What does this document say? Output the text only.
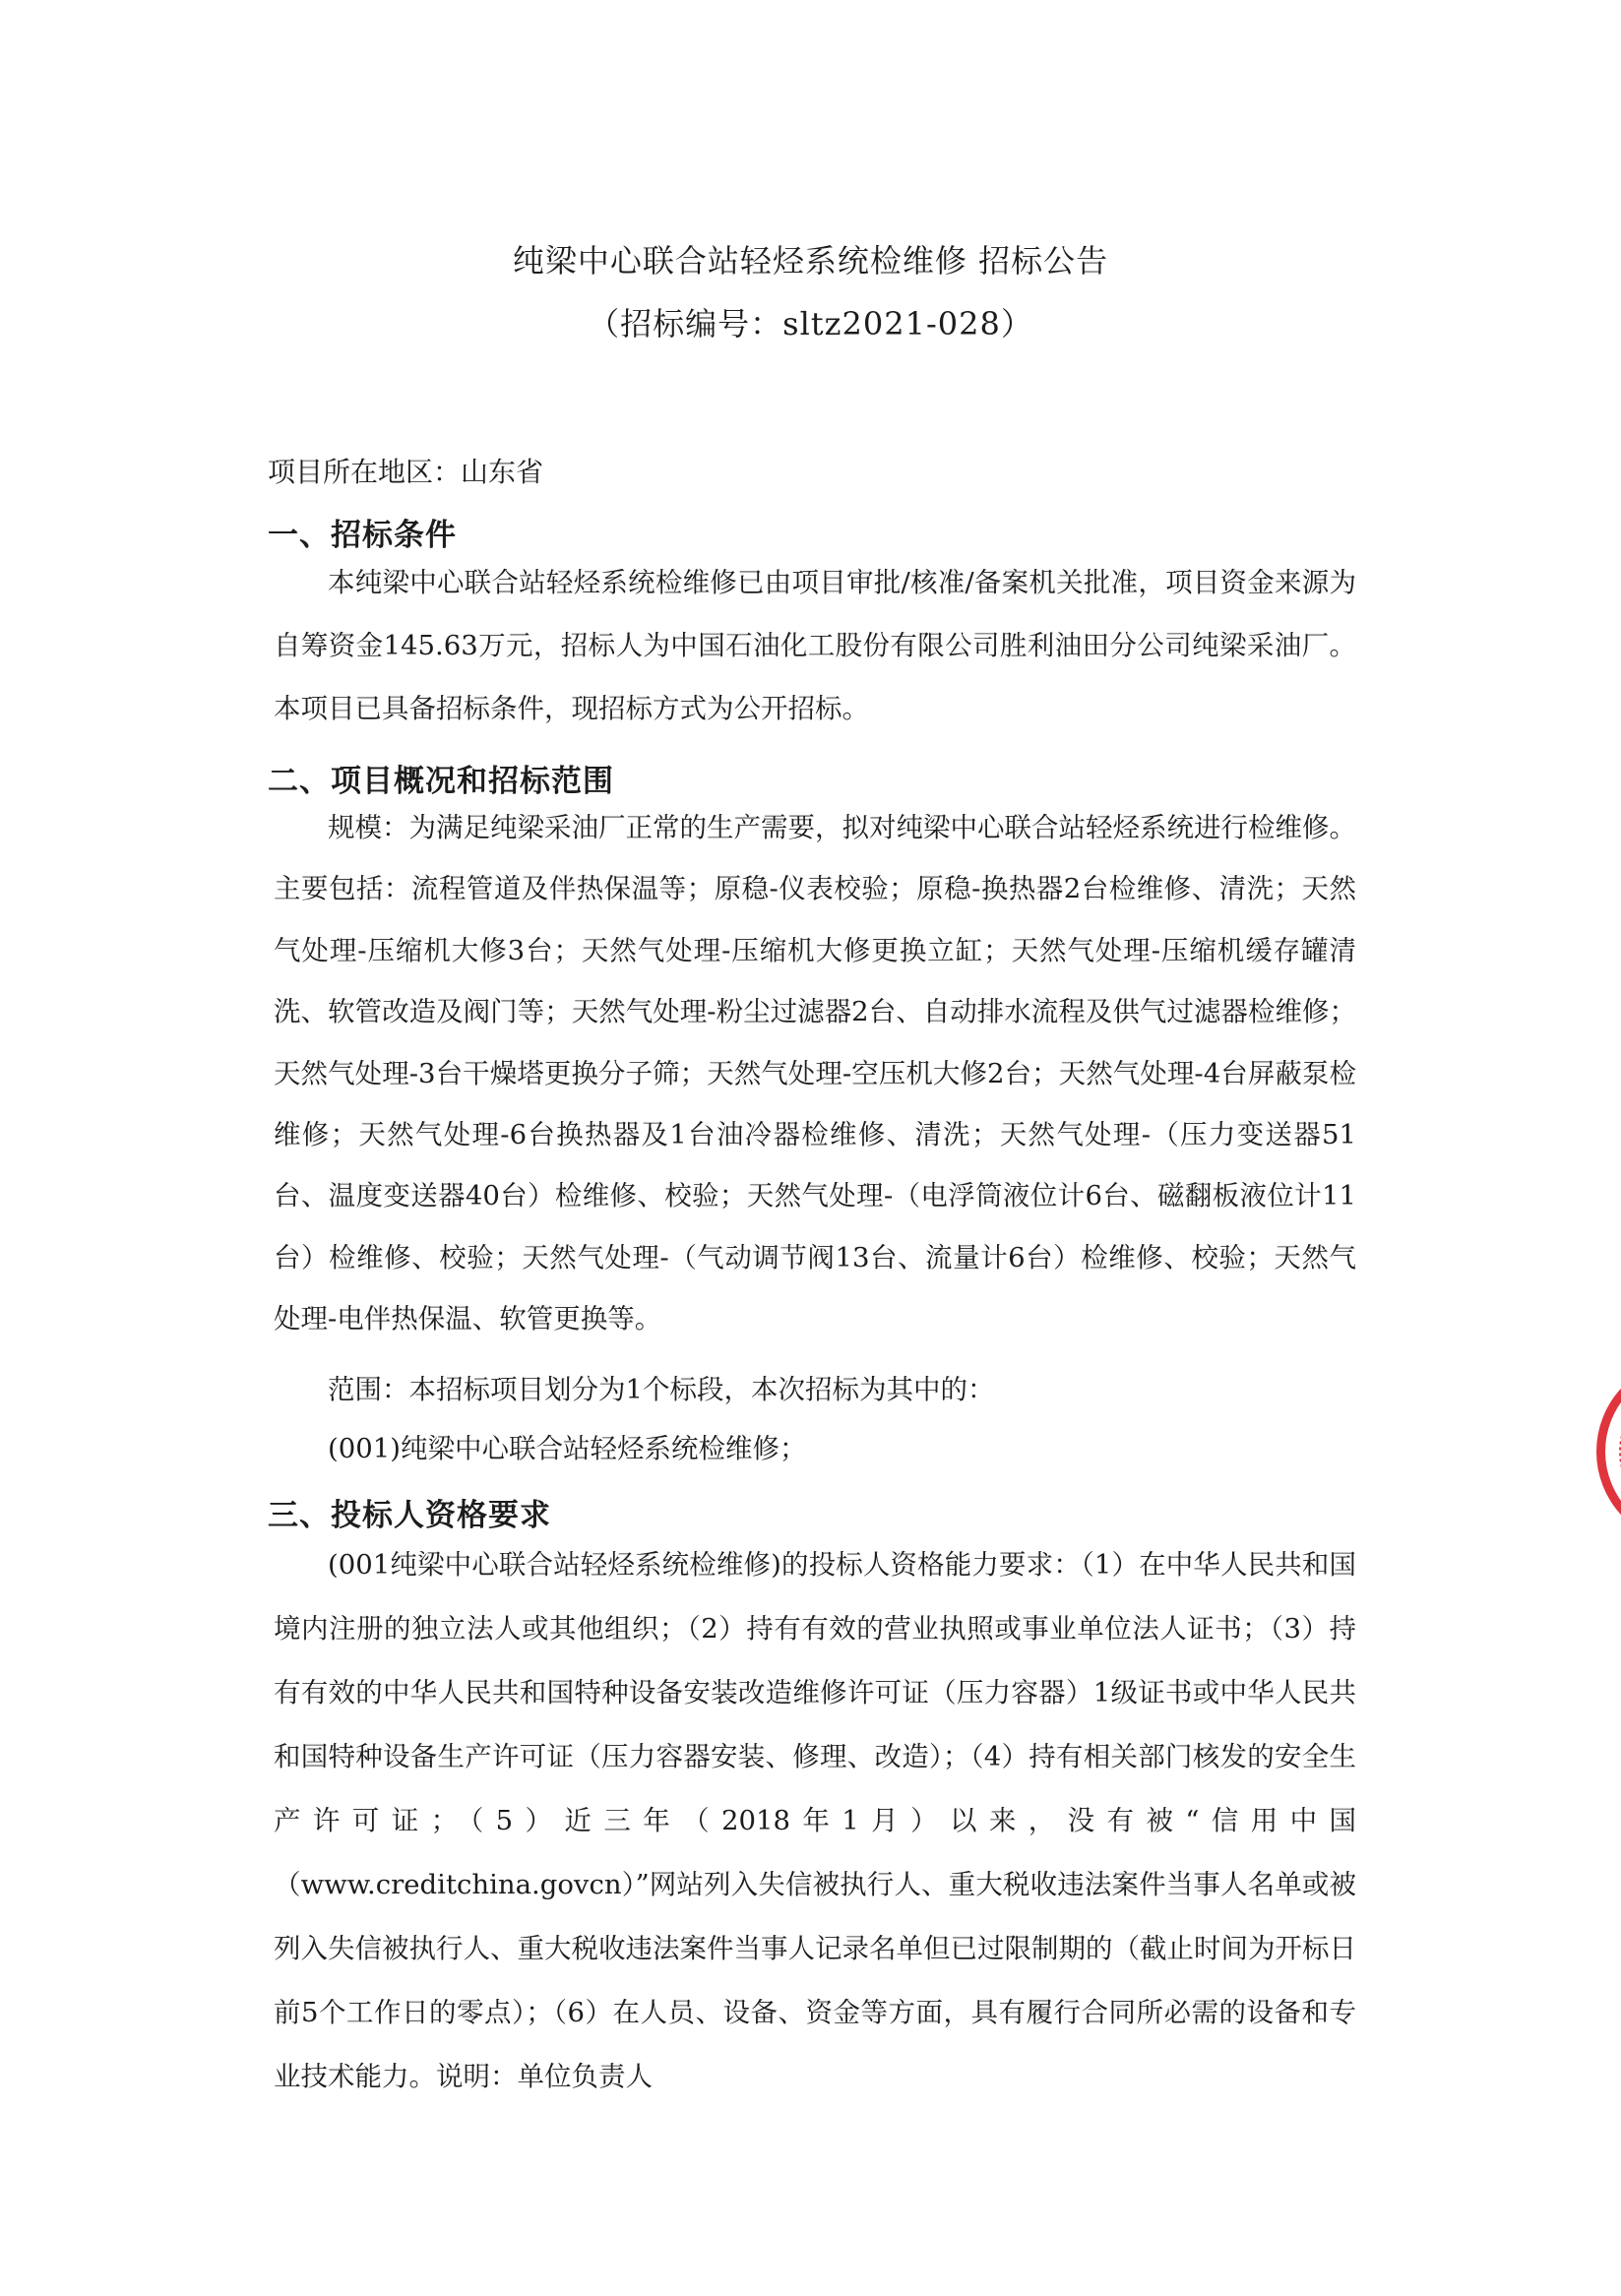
纯梁中心联合站轻烃系统检维修 招标公告
（招标编号：sltz2021-028）
项目所在地区：山东省
一、招标条件

本纯梁中心联合站轻烃系统检维修已由项目审批/核准/备案机关批准，项目资金来源为自筹资金145.63万元，招标人为中国石油化工股份有限公司胜利油田分公司纯梁采油厂。本项目已具备招标条件，现招标方式为公开招标。

二、项目概况和招标范围

规模：为满足纯梁采油厂正常的生产需要，拟对纯梁中心联合站轻烃系统进行检维修。主要包括：流程管道及伴热保温等；原稳-仪表校验；原稳-换热器2台检维修、清洗；天然气处理-压缩机大修3台；天然气处理-压缩机大修更换立缸；天然气处理-压缩机缓存罐清洗、软管改造及阀门等；天然气处理-粉尘过滤器2台、自动排水流程及供气过滤器检维修；天然气处理-3台干燥塔更换分子筛；天然气处理-空压机大修2台；天然气处理-4台屏蔽泵检维修；天然气处理-6台换热器及1台油冷器检维修、清洗；天然气处理-（压力变送器51台、温度变送器40台）检维修、校验；天然气处理-（电浮筒液位计6台、磁翻板液位计11台）检维修、校验；天然气处理-（气动调节阀13台、流量计6台）检维修、校验；天然气处理-电伴热保温、软管更换等。

范围：本招标项目划分为1个标段，本次招标为其中的：

(001)纯梁中心联合站轻烃系统检维修；

三、投标人资格要求

(001纯梁中心联合站轻烃系统检维修)的投标人资格能力要求：（1）在中华人民共和国境内注册的独立法人或其他组织；（2）持有有效的营业执照或事业单位法人证书；（3）持有有效的中华人民共和国特种设备安装改造维修许可证（压力容器）1级证书或中华人民共和国特种设备生产许可证（压力容器安装、修理、改造）；（4）持有相关部门核发的安全生产许可证；（5）近三年（2018年1月）以来，没有被“信用中国（www.creditchina.govcn）”网站列入失信被执行人、重大税收违法案件当事人名单或被列入失信被执行人、重大税收违法案件当事人记录名单但已过限制期的（截止时间为开标日前5个工作日的零点）；（6）在人员、设备、资金等方面，具有履行合同所必需的设备和专业技术能力。说明：单位负责人
